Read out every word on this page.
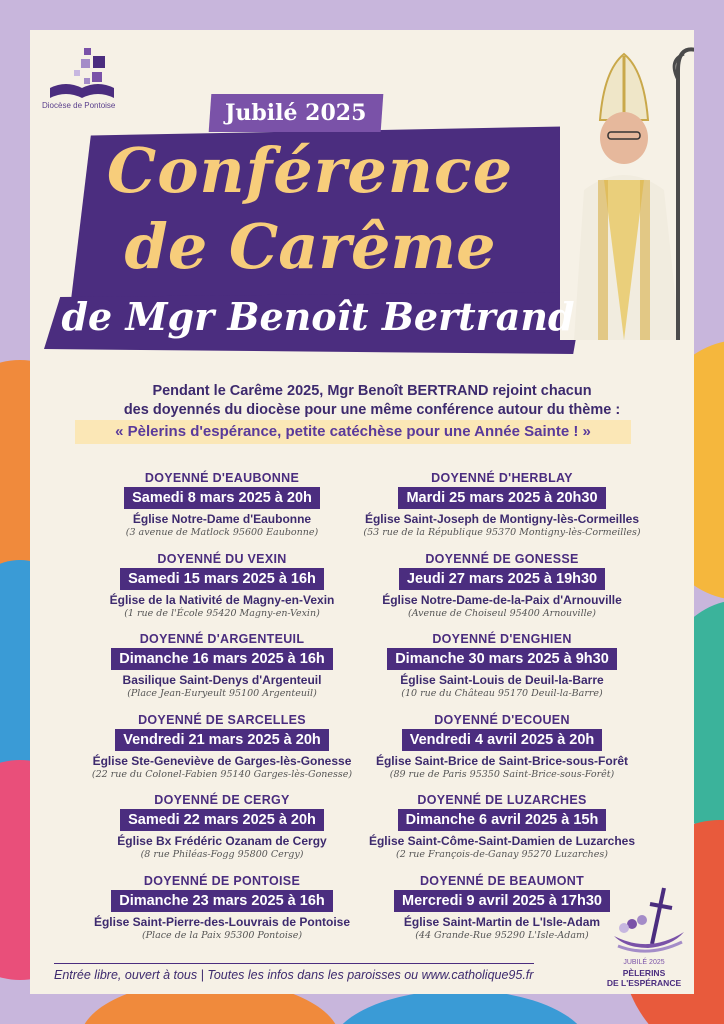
Diocèse de Pontoise	Jubilé 2025
Conférence
de Carême
de Mgr Benoît Bertrand
Pendant le Carême 2025, Mgr Benoît BERTRAND rejoint chacun
des doyennés du diocèse pour une même conférence autour du thème :
« Pèlerins d'espérance, petite catéchèse pour une Année Sainte ! »
DOYENNÉ D'EAUBONNE
Samedi 8 mars 2025 à 20h
Église Notre-Dame d'Eaubonne
(3 avenue de Matlock 95600 Eaubonne)
DOYENNÉ DU VEXIN
Samedi 15 mars 2025 à 16h
Église de la Nativité de Magny-en-Vexin
(1 rue de l'École 95420 Magny-en-Vexin)
DOYENNÉ D'ARGENTEUIL
Dimanche 16 mars 2025 à 16h
Basilique Saint-Denys d'Argenteuil
(Place Jean-Euryeult 95100 Argenteuil)
DOYENNÉ DE SARCELLES
Vendredi 21 mars 2025 à 20h
Église Ste-Geneviève de Garges-lès-Gonesse
(22 rue du Colonel-Fabien 95140 Garges-lès-Gonesse)
DOYENNÉ DE CERGY
Samedi 22 mars 2025 à 20h
Église Bx Frédéric Ozanam de Cergy
(8 rue Philéas-Fogg 95800 Cergy)
DOYENNÉ DE PONTOISE
Dimanche 23 mars 2025 à 16h
Église Saint-Pierre-des-Louvrais de Pontoise
(Place de la Paix 95300 Pontoise)
DOYENNÉ D'HERBLAY
Mardi 25 mars 2025 à 20h30
Église Saint-Joseph de Montigny-lès-Cormeilles
(53 rue de la République 95370 Montigny-lès-Cormeilles)
DOYENNÉ DE GONESSE
Jeudi 27 mars 2025 à 19h30
Église Notre-Dame-de-la-Paix d'Arnouville
(Avenue de Choiseul 95400 Arnouville)
DOYENNÉ D'ENGHIEN
Dimanche 30 mars 2025 à 9h30
Église Saint-Louis de Deuil-la-Barre
(10 rue du Château 95170 Deuil-la-Barre)
DOYENNÉ D'ECOUEN
Vendredi 4 avril 2025 à 20h
Église Saint-Brice de Saint-Brice-sous-Forêt
(89 rue de Paris 95350 Saint-Brice-sous-Forêt)
DOYENNÉ DE LUZARCHES
Dimanche 6 avril 2025 à 15h
Église Saint-Côme-Saint-Damien de Luzarches
(2 rue François-de-Ganay 95270 Luzarches)
DOYENNÉ DE BEAUMONT
Mercredi 9 avril 2025 à 17h30
Église Saint-Martin de L'Isle-Adam
(44 Grande-Rue 95290 L'Isle-Adam)
Entrée libre, ouvert à tous | Toutes les infos dans les paroisses ou www.catholique95.fr
JUBILÉ 2025
PÈLERINS
DE L'ESPÉRANCE
